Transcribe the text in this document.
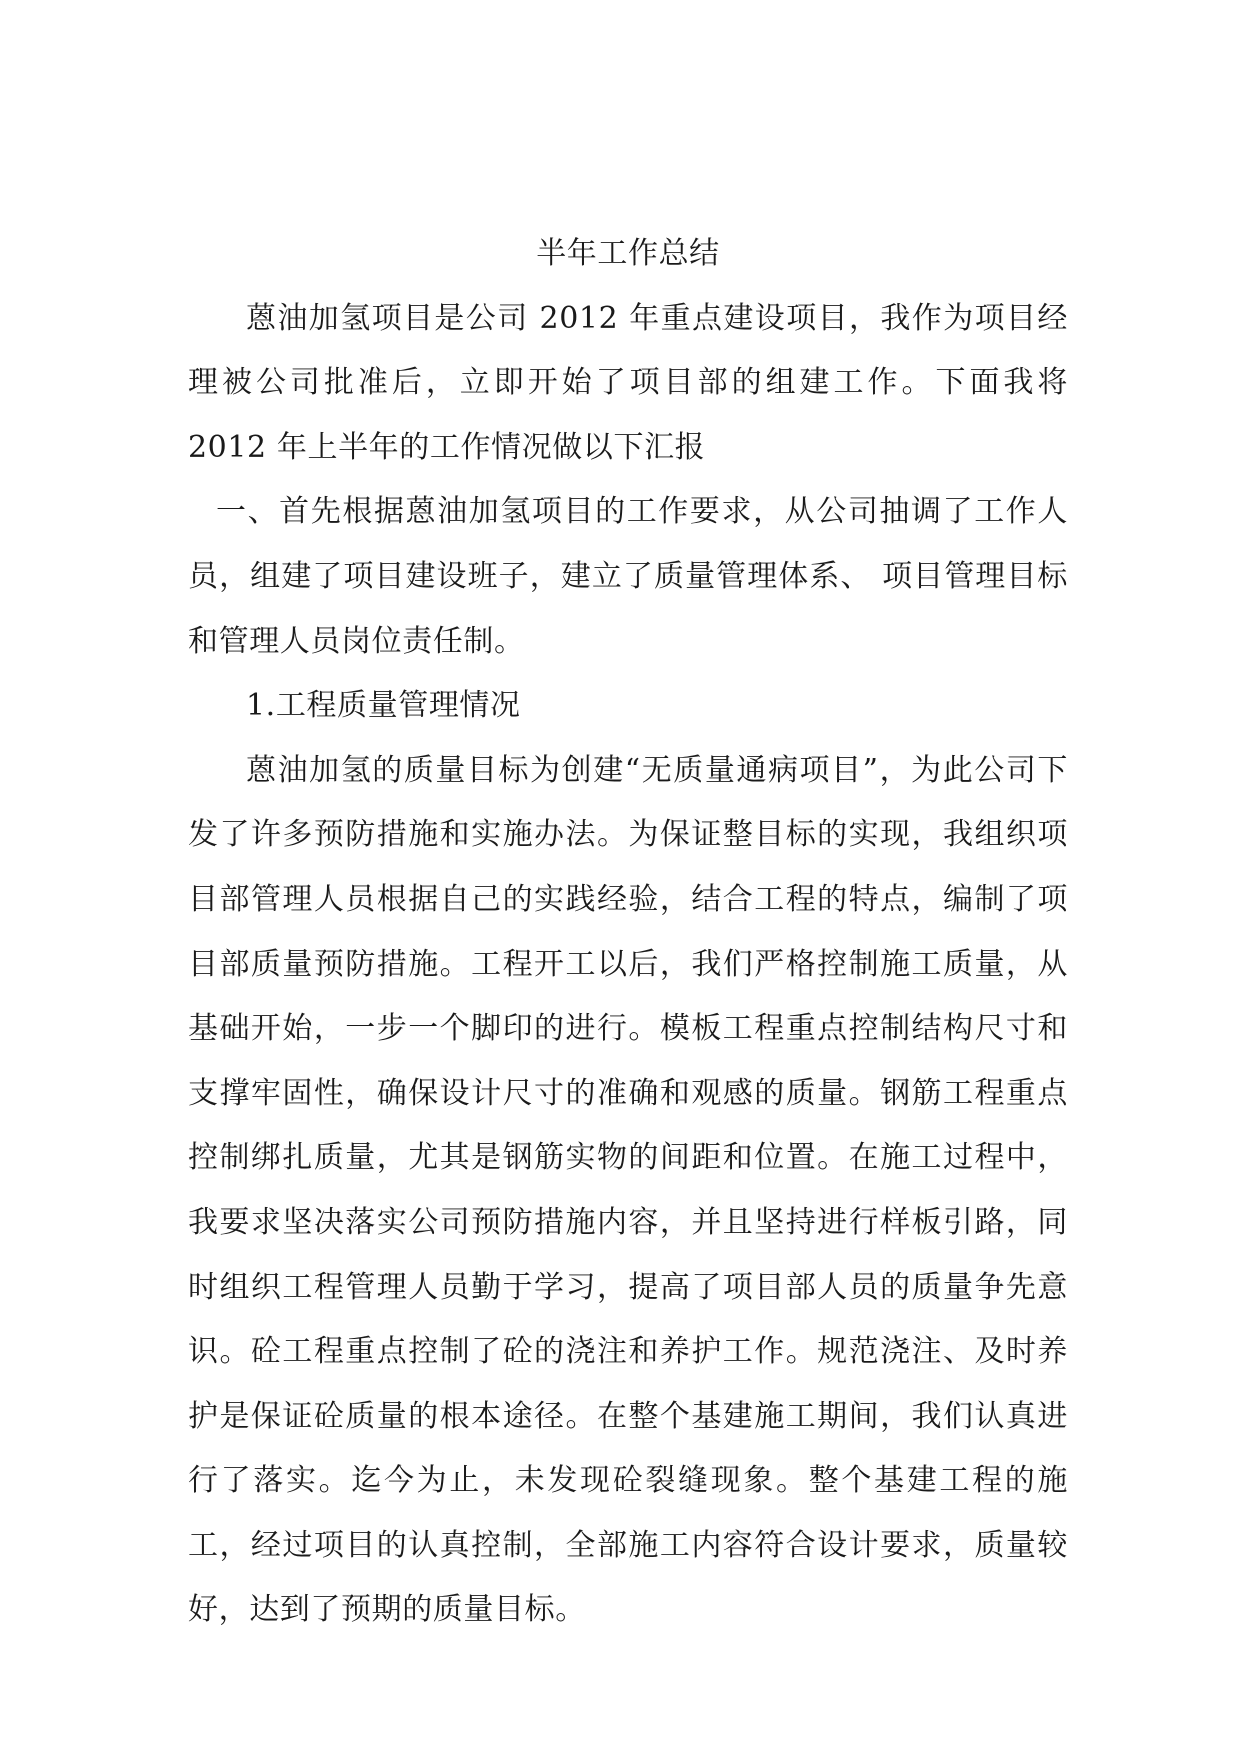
半年工作总结

蒽油加氢项目是公司 2012 年重点建设项目，我作为项目经理被公司批准后，立即开始了项目部的组建工作。下面我将 2012 年上半年的工作情况做以下汇报

一、首先根据蒽油加氢项目的工作要求，从公司抽调了工作人员，组建了项目建设班子，建立了质量管理体系、 项目管理目标和管理人员岗位责任制。

1.工程质量管理情况

蒽油加氢的质量目标为创建“无质量通病项目”，为此公司下发了许多预防措施和实施办法。为保证整目标的实现，我组织项目部管理人员根据自己的实践经验，结合工程的特点，编制了项目部质量预防措施。工程开工以后，我们严格控制施工质量，从基础开始，一步一个脚印的进行。模板工程重点控制结构尺寸和支撑牢固性，确保设计尺寸的准确和观感的质量。钢筋工程重点控制绑扎质量，尤其是钢筋实物的间距和位置。在施工过程中，我要求坚决落实公司预防措施内容，并且坚持进行样板引路，同时组织工程管理人员勤于学习，提高了项目部人员的质量争先意识。砼工程重点控制了砼的浇注和养护工作。规范浇注、及时养护是保证砼质量的根本途径。在整个基建施工期间，我们认真进行了落实。迄今为止，未发现砼裂缝现象。整个基建工程的施工，经过项目的认真控制，全部施工内容符合设计要求，质量较好，达到了预期的质量目标。
